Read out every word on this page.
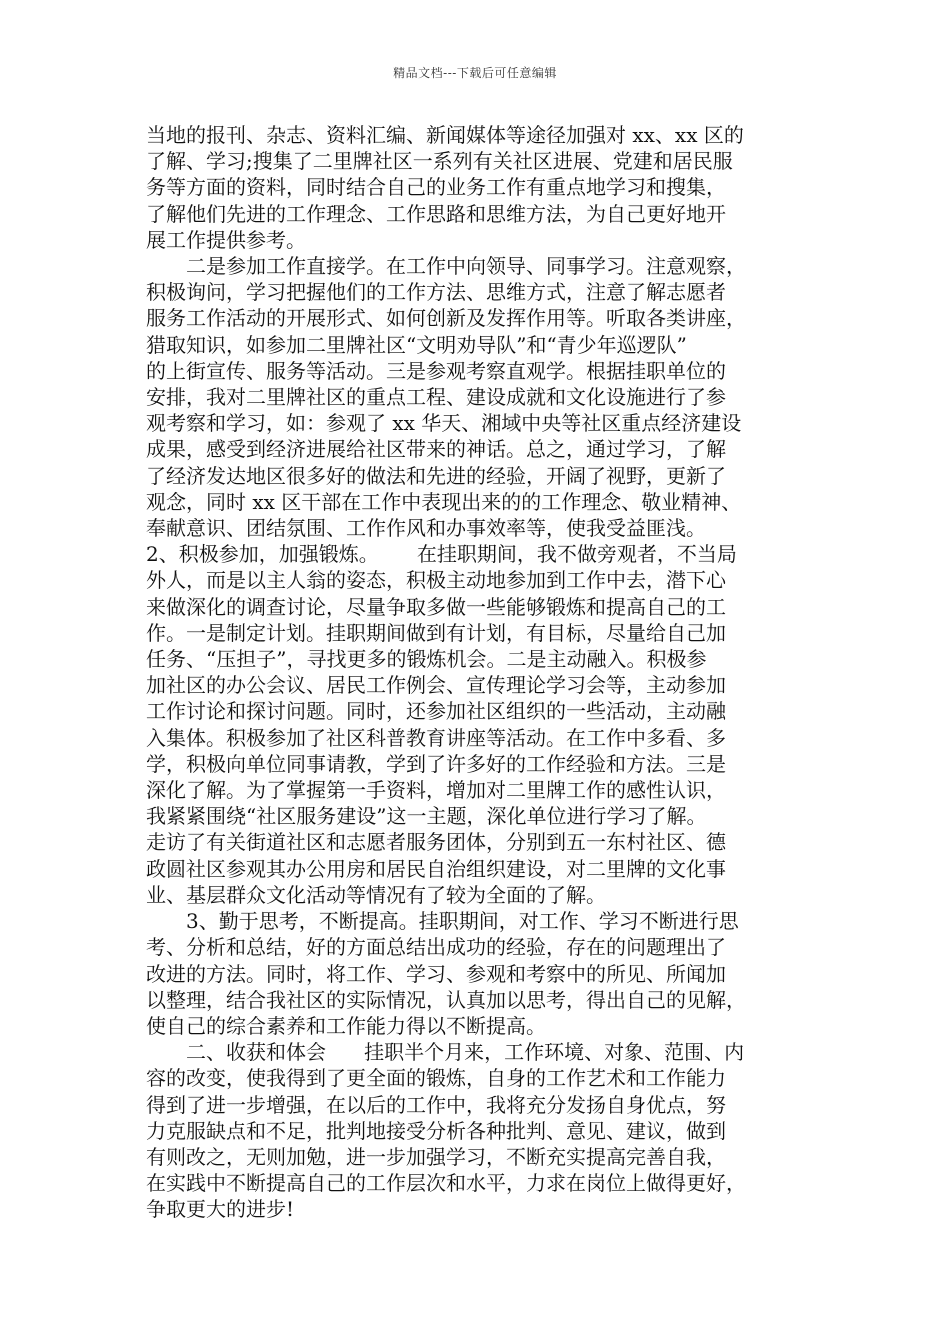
精品文档---下载后可任意编辑
当地的报刊、杂志、资料汇编、新闻媒体等途径加强对 xx、xx 区的
了解、学习;搜集了二里牌社区一系列有关社区进展、党建和居民服
务等方面的资料，同时结合自己的业务工作有重点地学习和搜集，
了解他们先进的工作理念、工作思路和思维方法，为自己更好地开
展工作提供参考。
二是参加工作直接学。在工作中向领导、同事学习。注意观察，
积极询问，学习把握他们的工作方法、思维方式，注意了解志愿者
服务工作活动的开展形式、如何创新及发挥作用等。听取各类讲座，
猎取知识，如参加二里牌社区“文明劝导队”和“青少年巡逻队”
的上街宣传、服务等活动。三是参观考察直观学。根据挂职单位的
安排，我对二里牌社区的重点工程、建设成就和文化设施进行了参
观考察和学习，如：参观了 xx 华天、湘域中央等社区重点经济建设
成果，感受到经济进展给社区带来的神话。总之，通过学习，了解
了经济发达地区很多好的做法和先进的经验，开阔了视野，更新了
观念，同时 xx 区干部在工作中表现出来的的工作理念、敬业精神、
奉献意识、团结氛围、工作作风和办事效率等，使我受益匪浅。
2、积极参加，加强锻炼。      在挂职期间，我不做旁观者，不当局
外人，而是以主人翁的姿态，积极主动地参加到工作中去，潜下心
来做深化的调查讨论，尽量争取多做一些能够锻炼和提高自己的工
作。一是制定计划。挂职期间做到有计划，有目标，尽量给自己加
任务、“压担子”，寻找更多的锻炼机会。二是主动融入。积极参
加社区的办公会议、居民工作例会、宣传理论学习会等，主动参加
工作讨论和探讨问题。同时，还参加社区组织的一些活动，主动融
入集体。积极参加了社区科普教育讲座等活动。在工作中多看、多
学，积极向单位同事请教，学到了许多好的工作经验和方法。三是
深化了解。为了掌握第一手资料，增加对二里牌工作的感性认识，
我紧紧围绕“社区服务建设”这一主题，深化单位进行学习了解。
走访了有关街道社区和志愿者服务团体，分别到五一东村社区、德
政圆社区参观其办公用房和居民自治组织建设，对二里牌的文化事
业、基层群众文化活动等情况有了较为全面的了解。
3、勤于思考，不断提高。挂职期间，对工作、学习不断进行思
考、分析和总结，好的方面总结出成功的经验，存在的问题理出了
改进的方法。同时，将工作、学习、参观和考察中的所见、所闻加
以整理，结合我社区的实际情况，认真加以思考，得出自己的见解，
使自己的综合素养和工作能力得以不断提高。
二、收获和体会      挂职半个月来，工作环境、对象、范围、内
容的改变，使我得到了更全面的锻炼，自身的工作艺术和工作能力
得到了进一步增强，在以后的工作中，我将充分发扬自身优点，努
力克服缺点和不足，批判地接受分析各种批判、意见、建议，做到
有则改之，无则加勉，进一步加强学习，不断充实提高完善自我，
在实践中不断提高自己的工作层次和水平，力求在岗位上做得更好，
争取更大的进步!
